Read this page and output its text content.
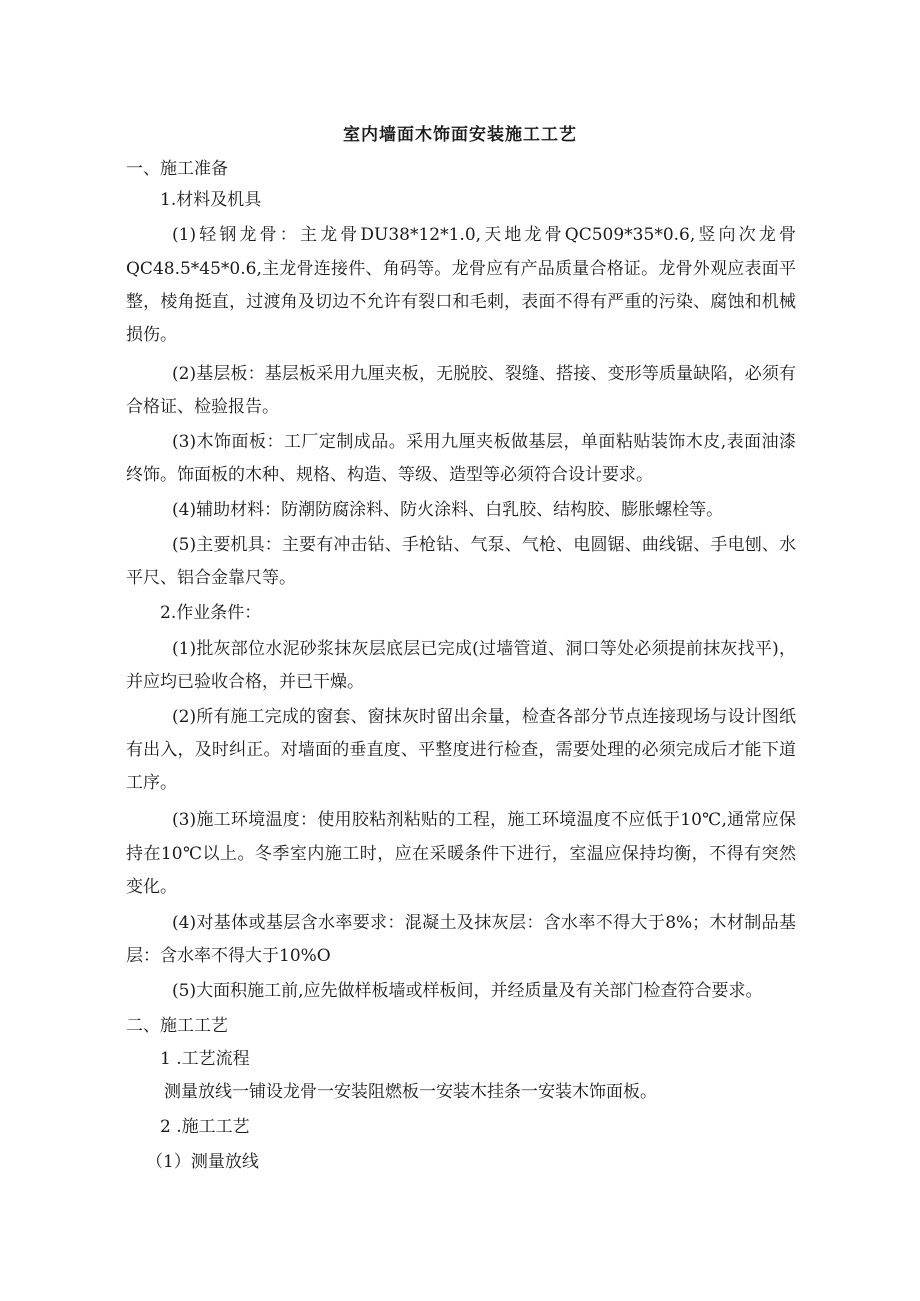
室内墙面木饰面安装施工工艺
一、施工准备
1.材料及机具
(1)轻钢龙骨：主龙骨DU38*12*1.0,天地龙骨QC509*35*0.6,竖向次龙骨
QC48.5*45*0.6,主龙骨连接件、角码等。龙骨应有产品质量合格证。龙骨外观应表面平
整，棱角挺直，过渡角及切边不允许有裂口和毛刺，表面不得有严重的污染、腐蚀和机械
损伤。
(2)基层板：基层板采用九厘夹板，无脱胶、裂缝、搭接、变形等质量缺陷，必须有
合格证、检验报告。
(3)木饰面板：工厂定制成品。采用九厘夹板做基层，单面粘贴装饰木皮,表面油漆
终饰。饰面板的木种、规格、构造、等级、造型等必须符合设计要求。
(4)辅助材料：防潮防腐涂料、防火涂料、白乳胶、结构胶、膨胀螺栓等。
(5)主要机具：主要有冲击钻、手枪钻、气泵、气枪、电圆锯、曲线锯、手电刨、水
平尺、铝合金靠尺等。
2.作业条件：
(1)批灰部位水泥砂浆抹灰层底层已完成(过墙管道、洞口等处必须提前抹灰找平)，
并应均已验收合格，并已干燥。
(2)所有施工完成的窗套、窗抹灰时留出余量，检查各部分节点连接现场与设计图纸
有出入，及时纠正。对墙面的垂直度、平整度进行检查，需要处理的必须完成后才能下道
工序。
(3)施工环境温度：使用胶粘剂粘贴的工程，施工环境温度不应低于10℃,通常应保
持在10℃以上。冬季室内施工时，应在采暖条件下进行，室温应保持均衡，不得有突然
变化。
(4)对基体或基层含水率要求：混凝土及抹灰层：含水率不得大于8%；木材制品基
层：含水率不得大于10%O
(5)大面积施工前,应先做样板墙或样板间，并经质量及有关部门检查符合要求。
二、施工工艺
1 .工艺流程
测量放线一铺设龙骨一安装阻燃板一安装木挂条一安装木饰面板。
2 .施工工艺
（1）测量放线
